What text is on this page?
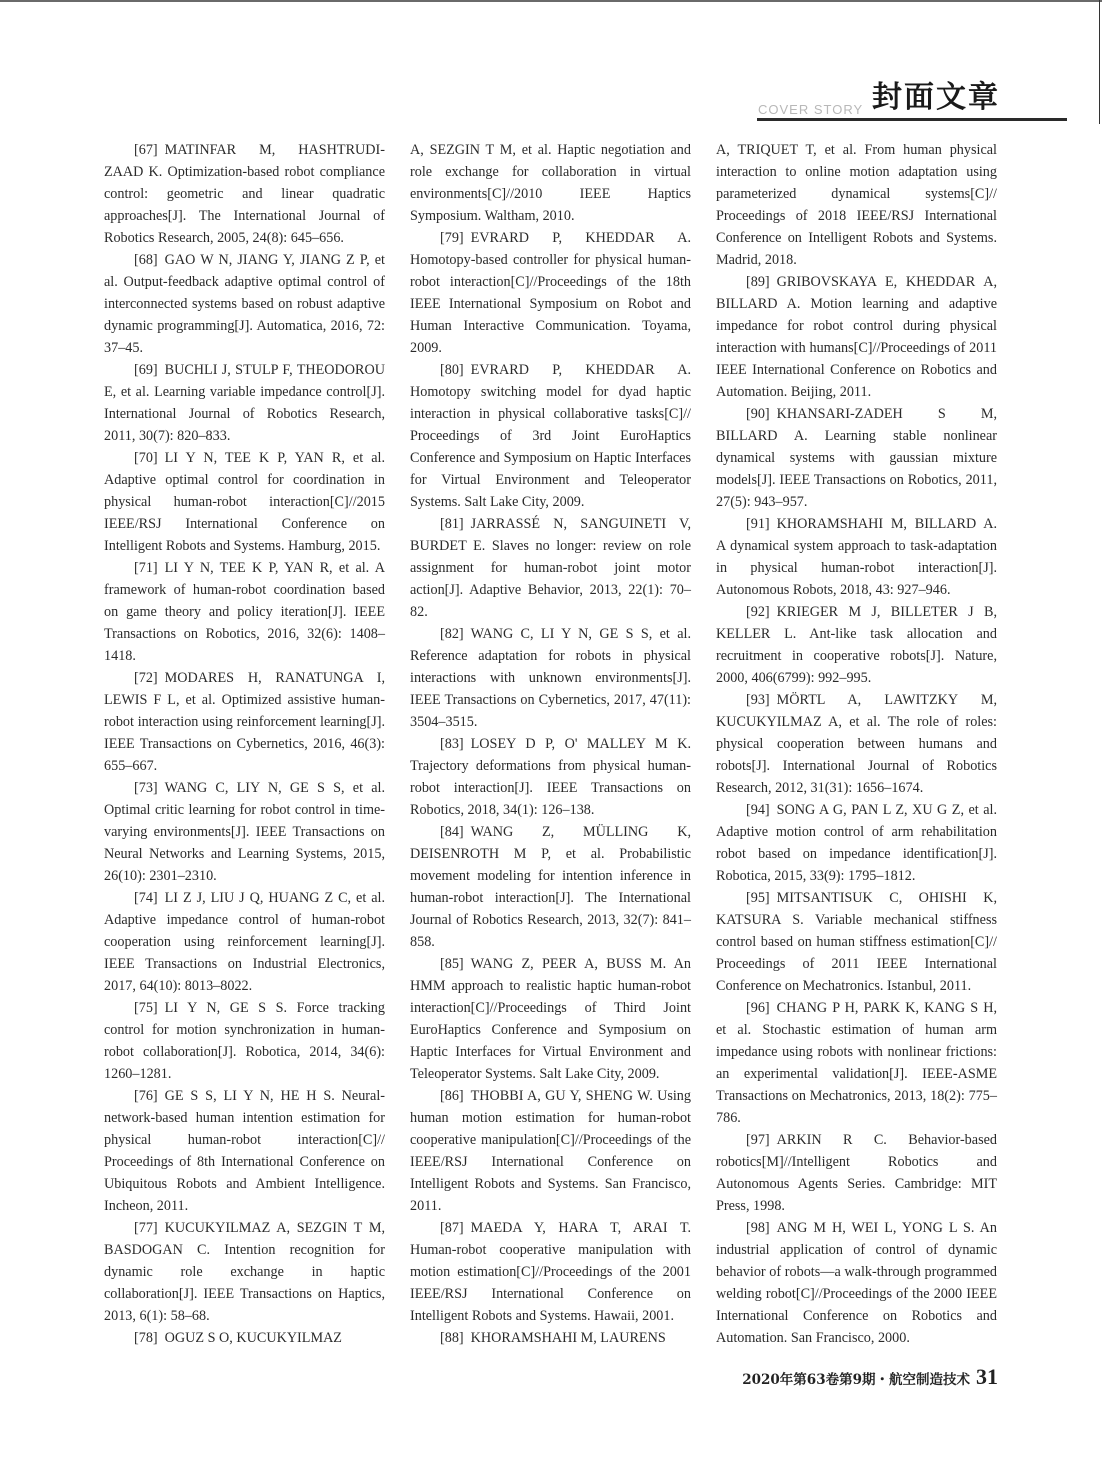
COVER STORY 封面文章

[67] MATINFAR M, HASHTRUDI-ZAAD K. Optimization-based robot compliance control: geometric and linear quadratic approaches[J]. The International Journal of Robotics Research, 2005, 24(8): 645–656.

[68] GAO W N, JIANG Y, JIANG Z P, et al. Output-feedback adaptive optimal control of interconnected systems based on robust adaptive dynamic programming[J]. Automatica, 2016, 72: 37–45.

[69] BUCHLI J, STULP F, THEODOROU E, et al. Learning variable impedance control[J]. International Journal of Robotics Research, 2011, 30(7): 820–833.

[70] LI Y N, TEE K P, YAN R, et al. Adaptive optimal control for coordination in physical human-robot interaction[C]//2015 IEEE/RSJ International Conference on Intelligent Robots and Systems. Hamburg, 2015.

[71] LI Y N, TEE K P, YAN R, et al. A framework of human-robot coordination based on game theory and policy iteration[J]. IEEE Transactions on Robotics, 2016, 32(6): 1408–1418.

[72] MODARES H, RANATUNGA I, LEWIS F L, et al. Optimized assistive human-robot interaction using reinforcement learning[J]. IEEE Transactions on Cybernetics, 2016, 46(3): 655–667.

[73] WANG C, LIY N, GE S S, et al. Optimal critic learning for robot control in time-varying environments[J]. IEEE Transactions on Neural Networks and Learning Systems, 2015, 26(10): 2301–2310.

[74] LI Z J, LIU J Q, HUANG Z C, et al. Adaptive impedance control of human-robot cooperation using reinforcement learning[J]. IEEE Transactions on Industrial Electronics, 2017, 64(10): 8013–8022.

[75] LI Y N, GE S S. Force tracking control for motion synchronization in human-robot collaboration[J]. Robotica, 2014, 34(6): 1260–1281.

[76] GE S S, LI Y N, HE H S. Neural-network-based human intention estimation for physical human-robot interaction[C]// Proceedings of 8th International Conference on Ubiquitous Robots and Ambient Intelligence. Incheon, 2011.

[77] KUCUKYILMAZ A, SEZGIN T M, BASDOGAN C. Intention recognition for dynamic role exchange in haptic collaboration[J]. IEEE Transactions on Haptics, 2013, 6(1): 58–68.

[78] OGUZ S O, KUCUKYILMAZ

A, SEZGIN T M, et al. Haptic negotiation and role exchange for collaboration in virtual environments[C]//2010 IEEE Haptics Symposium. Waltham, 2010.

[79] EVRARD P, KHEDDAR A. Homotopy-based controller for physical human-robot interaction[C]//Proceedings of the 18th IEEE International Symposium on Robot and Human Interactive Communication. Toyama, 2009.

[80] EVRARD P, KHEDDAR A. Homotopy switching model for dyad haptic interaction in physical collaborative tasks[C]// Proceedings of 3rd Joint EuroHaptics Conference and Symposium on Haptic Interfaces for Virtual Environment and Teleoperator Systems. Salt Lake City, 2009.

[81] JARRASSÉ N, SANGUINETI V, BURDET E. Slaves no longer: review on role assignment for human-robot joint motor action[J]. Adaptive Behavior, 2013, 22(1): 70–82.

[82] WANG C, LI Y N, GE S S, et al. Reference adaptation for robots in physical interactions with unknown environments[J]. IEEE Transactions on Cybernetics, 2017, 47(11): 3504–3515.

[83] LOSEY D P, O' MALLEY M K. Trajectory deformations from physical human-robot interaction[J]. IEEE Transactions on Robotics, 2018, 34(1): 126–138.

[84] WANG Z, MÜLLING K, DEISENROTH M P, et al. Probabilistic movement modeling for intention inference in human-robot interaction[J]. The International Journal of Robotics Research, 2013, 32(7): 841–858.

[85] WANG Z, PEER A, BUSS M. An HMM approach to realistic haptic human-robot interaction[C]//Proceedings of Third Joint EuroHaptics Conference and Symposium on Haptic Interfaces for Virtual Environment and Teleoperator Systems. Salt Lake City, 2009.

[86] THOBBI A, GU Y, SHENG W. Using human motion estimation for human-robot cooperative manipulation[C]//Proceedings of the IEEE/RSJ International Conference on Intelligent Robots and Systems. San Francisco, 2011.

[87] MAEDA Y, HARA T, ARAI T. Human-robot cooperative manipulation with motion estimation[C]//Proceedings of the 2001 IEEE/RSJ International Conference on Intelligent Robots and Systems. Hawaii, 2001.

[88] KHORAMSHAHI M, LAURENS

A, TRIQUET T, et al. From human physical interaction to online motion adaptation using parameterized dynamical systems[C]// Proceedings of 2018 IEEE/RSJ International Conference on Intelligent Robots and Systems. Madrid, 2018.

[89] GRIBOVSKAYA E, KHEDDAR A, BILLARD A. Motion learning and adaptive impedance for robot control during physical interaction with humans[C]//Proceedings of 2011 IEEE International Conference on Robotics and Automation. Beijing, 2011.

[90] KHANSARI-ZADEH S M, BILLARD A. Learning stable nonlinear dynamical systems with gaussian mixture models[J]. IEEE Transactions on Robotics, 2011, 27(5): 943–957.

[91] KHORAMSHAHI M, BILLARD A. A dynamical system approach to task-adaptation in physical human-robot interaction[J]. Autonomous Robots, 2018, 43: 927–946.

[92] KRIEGER M J, BILLETER J B, KELLER L. Ant-like task allocation and recruitment in cooperative robots[J]. Nature, 2000, 406(6799): 992–995.

[93] MÖRTL A, LAWITZKY M, KUCUKYILMAZ A, et al. The role of roles: physical cooperation between humans and robots[J]. International Journal of Robotics Research, 2012, 31(31): 1656–1674.

[94] SONG A G, PAN L Z, XU G Z, et al. Adaptive motion control of arm rehabilitation robot based on impedance identification[J]. Robotica, 2015, 33(9): 1795–1812.

[95] MITSANTISUK C, OHISHI K, KATSURA S. Variable mechanical stiffness control based on human stiffness estimation[C]// Proceedings of 2011 IEEE International Conference on Mechatronics. Istanbul, 2011.

[96] CHANG P H, PARK K, KANG S H, et al. Stochastic estimation of human arm impedance using robots with nonlinear frictions: an experimental validation[J]. IEEE-ASME Transactions on Mechatronics, 2013, 18(2): 775–786.

[97] ARKIN R C. Behavior-based robotics[M]//Intelligent Robotics and Autonomous Agents Series. Cambridge: MIT Press, 1998.

[98] ANG M H, WEI L, YONG L S. An industrial application of control of dynamic behavior of robots—a walk-through programmed welding robot[C]//Proceedings of the 2000 IEEE International Conference on Robotics and Automation. San Francisco, 2000.

2020年第63卷第9期・航空制造技术 31
